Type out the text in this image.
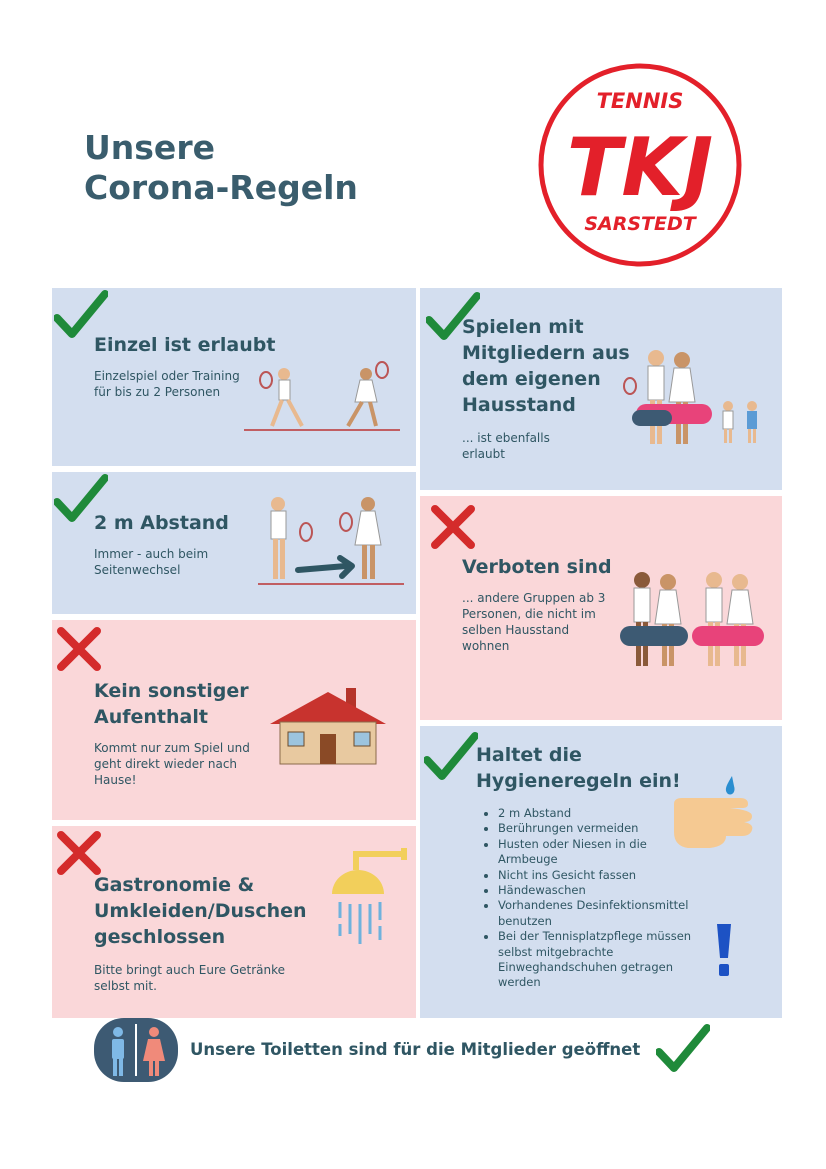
Unsere
Corona-Regeln
TENNIS
TKJ
SARSTEDT
Einzel ist erlaubt
Einzelspiel oder Training
für bis zu 2 Personen
2 m Abstand
Immer - auch beim
Seitenwechsel
Kein sonstiger
Aufenthalt
Kommt nur zum Spiel und
geht direkt wieder nach
Hause!
Gastronomie &
Umkleiden/Duschen
geschlossen
Bitte bringt auch Eure Getränke
selbst mit.
Spielen mit
Mitgliedern aus
dem eigenen
Hausstand
... ist ebenfalls
erlaubt
Verboten sind
... andere Gruppen ab 3
Personen, die nicht im
selben Hausstand
wohnen
Haltet die
Hygieneregeln ein!
• 2 m Abstand
• Berührungen vermeiden
• Husten oder Niesen in die Armbeuge
• Nicht ins Gesicht fassen
• Händewaschen
• Vorhandenes Desinfektionsmittel benutzen
• Bei der Tennisplatzpflege müssen selbst mitgebrachte Einweghandschuhen getragen werden
Unsere Toiletten sind für die Mitglieder geöffnet
